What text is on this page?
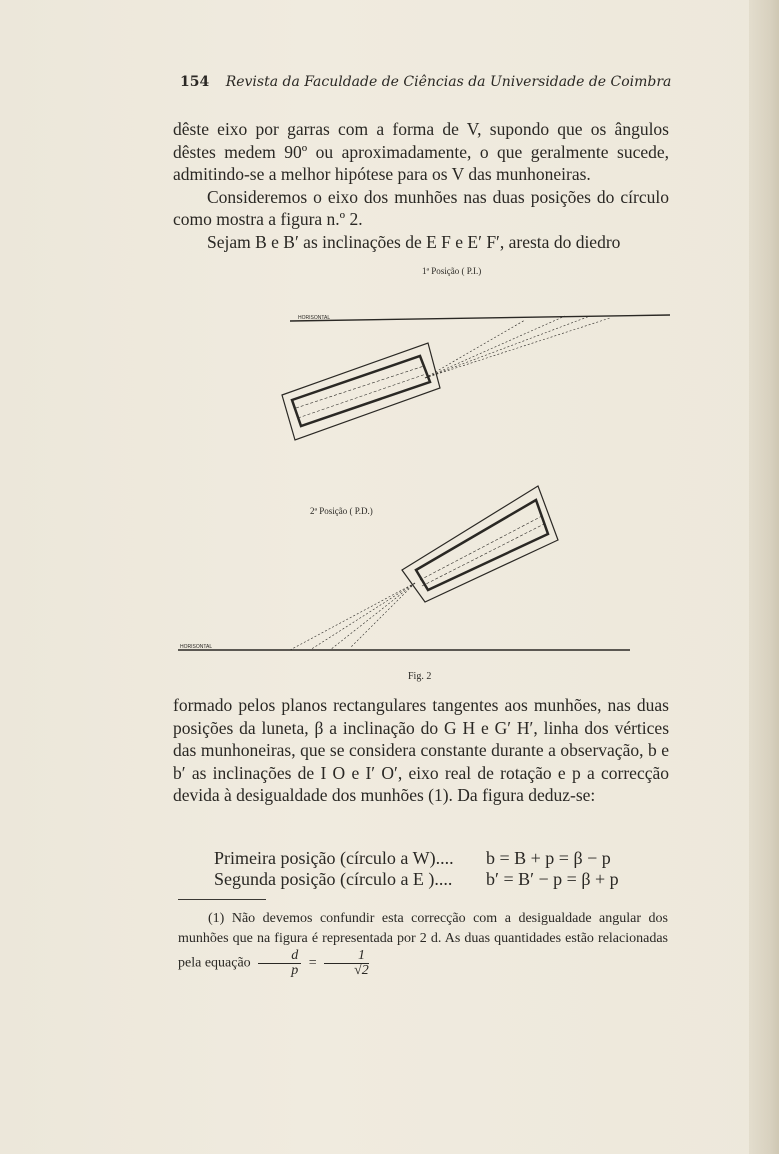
154 Revista da Faculdade de Ciências da Universidade de Coimbra

dêste eixo por garras com a forma de V, supondo que os ângulos dêstes medem 90º ou aproximadamente, o que geralmente sucede, admitindo-se a melhor hipótese para os V das munhoneiras.

Consideremos o eixo dos munhões nas duas posições do círculo como mostra a figura n.º 2.

Sejam B e B′ as inclinações de E F e E′ F′, aresta do diedro

1ª Posição ( P.I.)
2ª Posição ( P.D.)
HORISONTAL
HORISONTAL
Fig. 2

formado pelos planos rectangulares tangentes aos munhões, nas duas posições da luneta, β a inclinação do G H e G′ H′, linha dos vértices das munhoneiras, que se considera constante durante a observação, b e b′ as inclinações de I O e I′ O′, eixo real de rotação e p a correcção devida à desigualdade dos munhões (1). Da figura deduz-se:

Primeira posição (círculo a W)....	b = B + p = β − p
Segunda posição (círculo a E )....	b′ = B′ − p = β + p

(1) Não devemos confundir esta correcção com a desigualdade angular dos munhões que na figura é representada por 2 d. As duas quantidades estão relacionadas pela equação $\frac{d}{p} = \frac{1}{√2}$
